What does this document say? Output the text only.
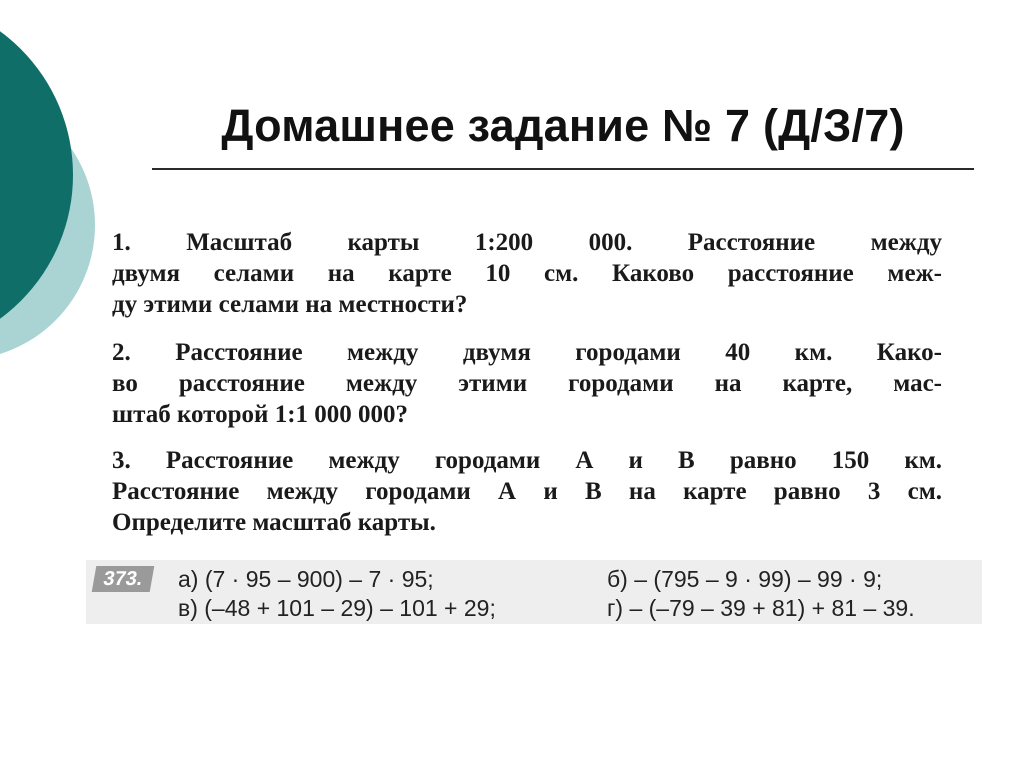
Домашнее задание № 7 (Д/З/7)
1. Масштаб карты 1:200 000. Расстояние между
двумя селами на карте 10 см. Каково расстояние меж-
ду этими селами на местности?
2. Расстояние между двумя городами 40 км. Како-
во расстояние между этими городами на карте, мас-
штаб которой 1:1 000 000?
3. Расстояние между городами А и В равно 150 км.
Расстояние между городами А и В на карте равно 3 см.
Определите масштаб карты.
373.	а) (7 · 95 – 900) – 7 · 95;	б) – (795 – 9 · 99) – 99 · 9;
в) (–48 + 101 – 29) – 101 + 29;	г) – (–79 – 39 + 81) + 81 – 39.
